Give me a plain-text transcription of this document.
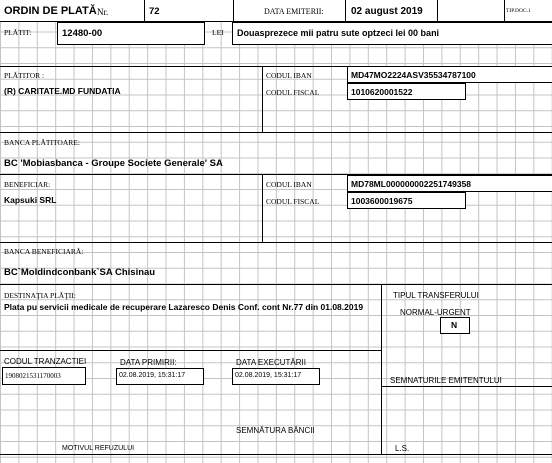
ORDIN DE PLATĂ Nr.	72	DATA EMITERII:	02 august 2019	TIP.DOC.1
PLĂTIT:	12480-00	LEI Douasprezece mii patru sute optzeci lei 00 bani
PLĂTITOR :
(R) CARITATE.MD FUNDATIA
CODUL IBAN	MD47MO2224ASV35534787100
CODUL FISCAL	1010620001522
BANCA PLĂTITOARE:
BC 'Mobiasbanca - Groupe Societe Generale' SA
BENEFICIAR:
Kapsuki SRL
CODUL IBAN	MD78ML000000002251749358
CODUL FISCAL	1003600019675
BANCA BENEFICIARĂ:
BC`Moldindconbank`SA Chisinau
DESTINAŢIA PLĂŢII:
Plata pu servicii medicale de recuperare Lazaresco Denis Conf. cont Nr.77 din 01.08.2019
TIPUL TRANSFERULUI
NORMAL-URGENT
N
CODUL TRANZACTIEI
1908021531170003
DATA PRIMIRII:
02.08.2019, 15:31:17
DATA EXECUTĂRII
02.08.2019, 15:31:17
SEMNATURILE EMITENTULUI
SEMNĂTURA BĂNCII
MOTIVUL REFUZULUI	L.S.
